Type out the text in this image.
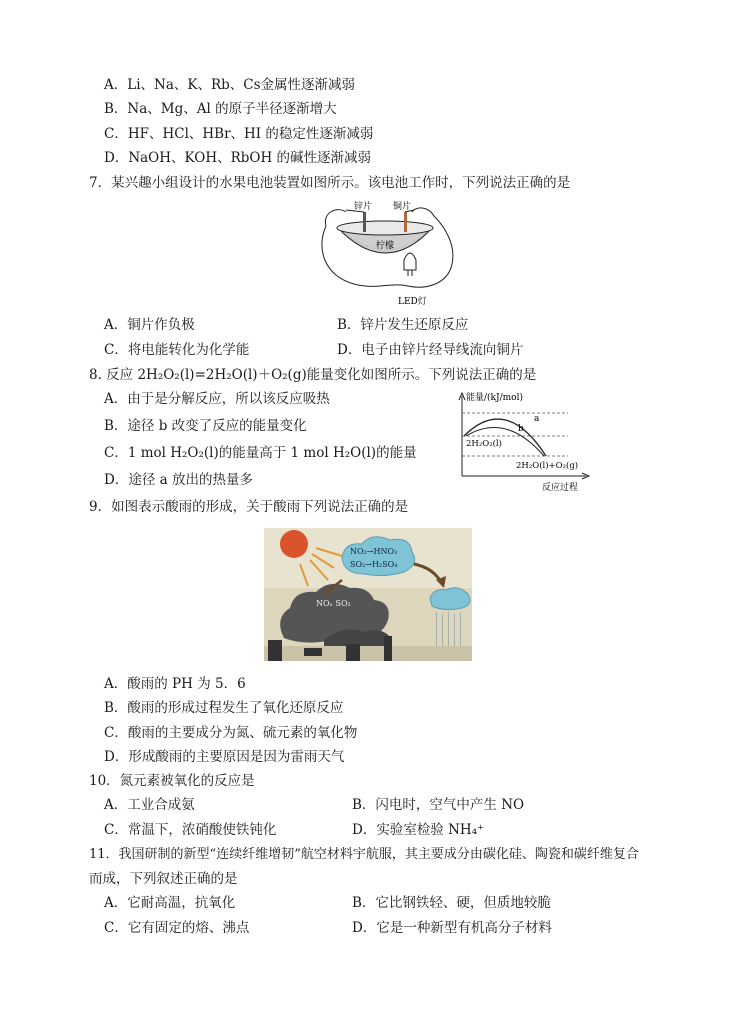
A．Li、Na、K、Rb、Cs金属性逐渐减弱
B．Na、Mg、Al 的原子半径逐渐增大
C．HF、HCl、HBr、HI 的稳定性逐渐减弱
D．NaOH、KOH、RbOH 的碱性逐渐减弱
7．某兴趣小组设计的水果电池装置如图所示。该电池工作时，下列说法正确的是
锌片 铜片
柠檬
LED灯
A．铜片作负极	B．锌片发生还原反应
C．将电能转化为化学能	D．电子由锌片经导线流向铜片
8. 反应 2H₂O₂(l)=2H₂O(l)＋O₂(g)能量变化如图所示。下列说法正确的是
A．由于是分解反应，所以该反应吸热
B．途径 b 改变了反应的能量变化
C．1 mol H₂O₂(l)的能量高于 1 mol H₂O(l)的能量
D．途径 a 放出的热量多
能量/(kJ/mol)
a
b
2H₂O₂(l)
2H₂O(l)+O₂(g)
反应过程
9．如图表示酸雨的形成，关于酸雨下列说法正确的是
NO₂→HNO₃
SO₂→H₂SO₄
NOₓ SO₂
A．酸雨的 PH 为 5．6
B．酸雨的形成过程发生了氧化还原反应
C．酸雨的主要成分为氮、硫元素的氧化物
D．形成酸雨的主要原因是因为雷雨天气
10．氮元素被氧化的反应是
A．工业合成氨	B．闪电时，空气中产生 NO
C．常温下，浓硝酸使铁钝化	D．实验室检验 NH₄⁺
11．我国研制的新型“连续纤维增韧”航空材料宇航服，其主要成分由碳化硅、陶瓷和碳纤维复合
而成，下列叙述正确的是
A．它耐高温，抗氧化	B．它比钢铁轻、硬，但质地较脆
C．它有固定的熔、沸点	D．它是一种新型有机高分子材料
